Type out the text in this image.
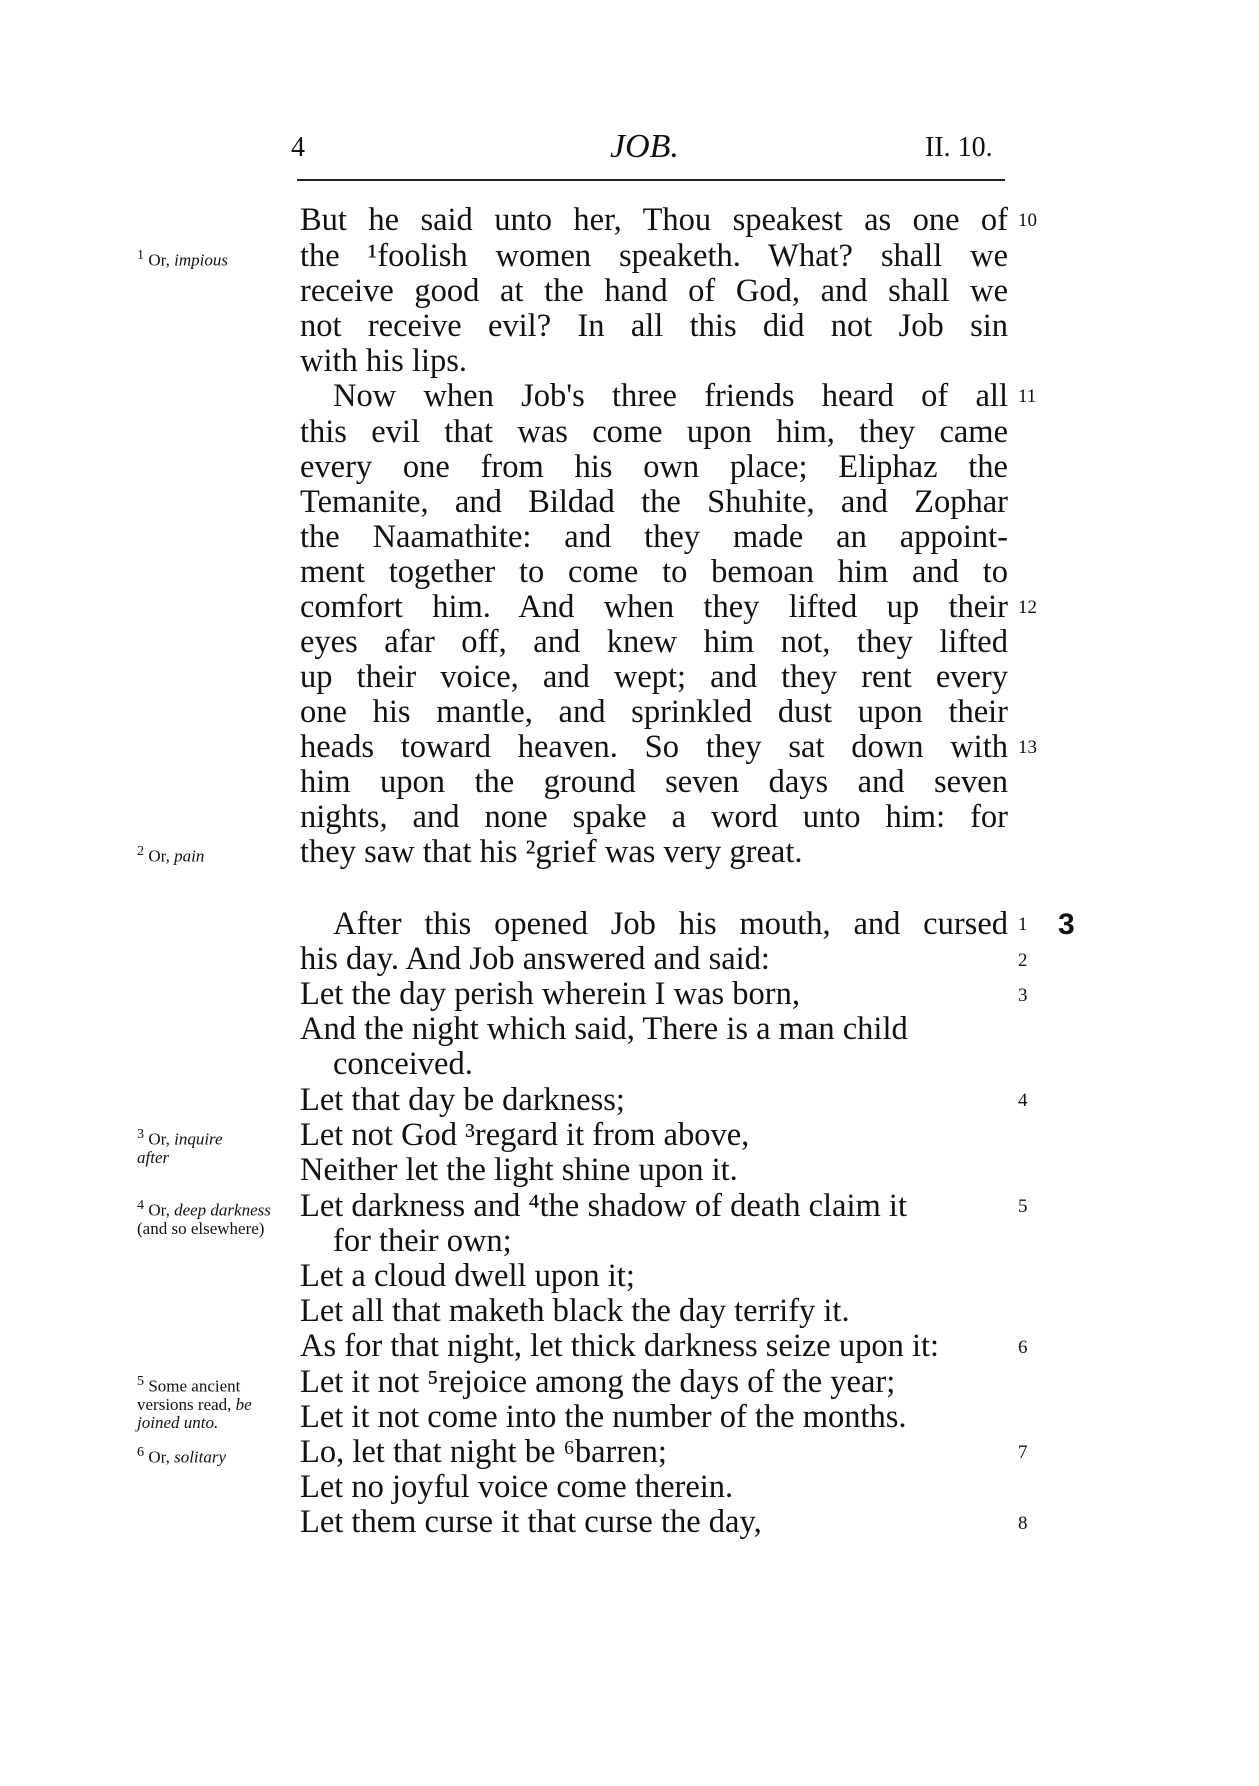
4	JOB.	II. 10.
3
But he said unto her, Thou speakest as one of
the ¹foolish women speaketh. What? shall we
receive good at the hand of God, and shall we
not receive evil? In all this did not Job sin
with his lips.
Now when Job's three friends heard of all
this evil that was come upon him, they came
every one from his own place; Eliphaz the
Temanite, and Bildad the Shuhite, and Zophar
the Naamathite: and they made an appoint-
ment together to come to bemoan him and to
comfort him. And when they lifted up their
eyes afar off, and knew him not, they lifted
up their voice, and wept; and they rent every
one his mantle, and sprinkled dust upon their
heads toward heaven. So they sat down with
him upon the ground seven days and seven
nights, and none spake a word unto him: for
they saw that his ²grief was very great.
After this opened Job his mouth, and cursed
his day. And Job answered and said:
Let the day perish wherein I was born,
And the night which said, There is a man child
conceived.
Let that day be darkness;
Let not God ³regard it from above,
Neither let the light shine upon it.
Let darkness and ⁴the shadow of death claim it
for their own;
Let a cloud dwell upon it;
Let all that maketh black the day terrify it.
As for that night, let thick darkness seize upon it:
Let it not ⁵rejoice among the days of the year;
Let it not come into the number of the months.
Lo, let that night be ⁶barren;
Let no joyful voice come therein.
Let them curse it that curse the day,
10
11
12
13
1
2
3
4
5
6
7
8
$^1$ Or, impious
$^2$ Or, pain
$^3$ Or, inquire after
$^4$ Or, deep darkness (and so elsewhere)
$^5$ Some ancient versions read, be joined unto.
$^6$ Or, solitary
